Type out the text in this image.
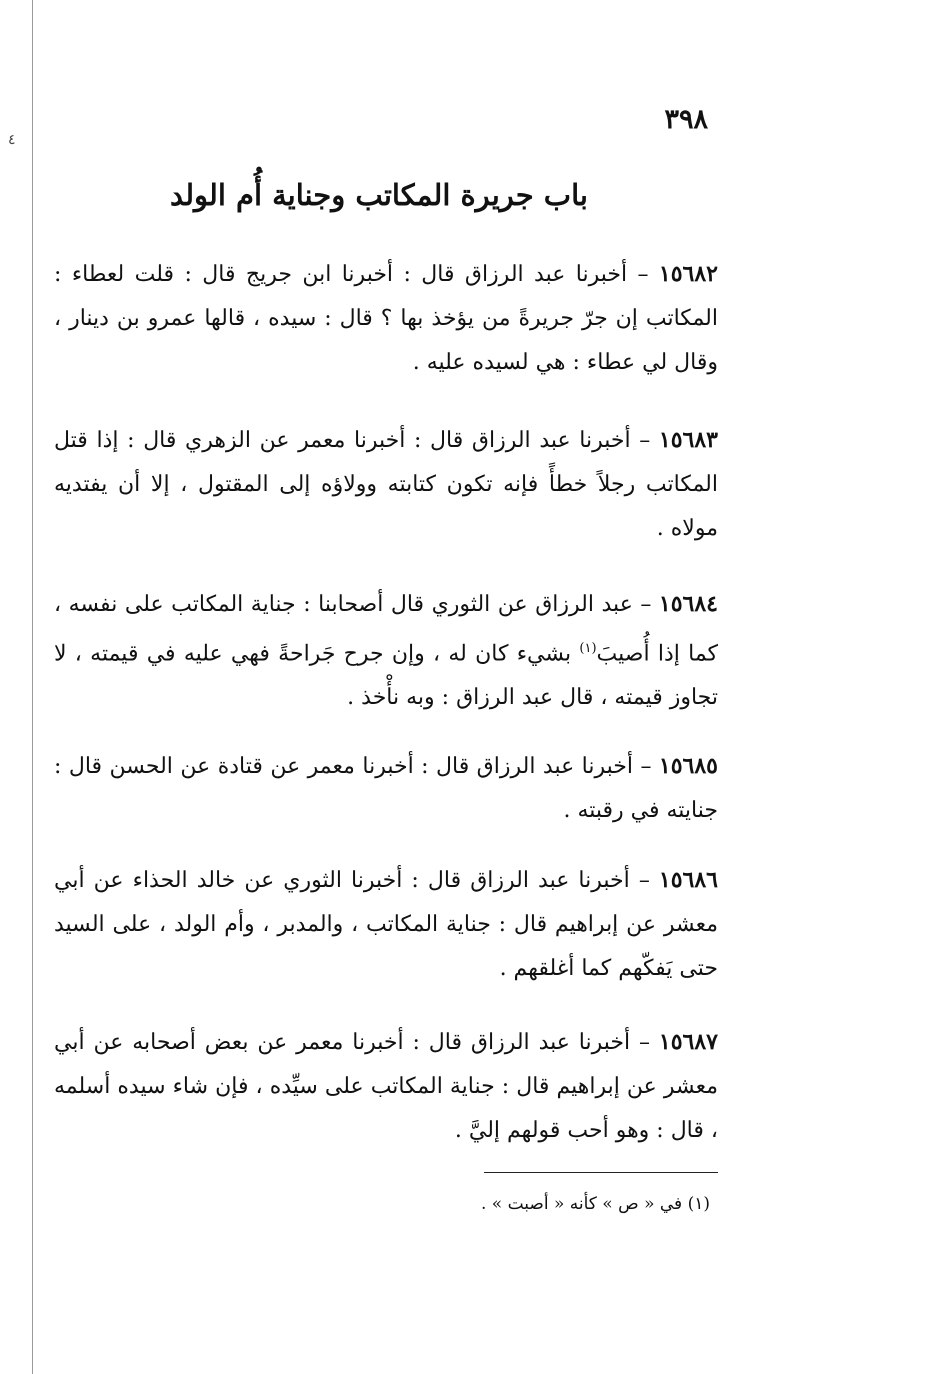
٤
٣٩٨
باب جريرة المكاتب وجناية أُم الولد

١٥٦٨٢ – أخبرنا عبد الرزاق قال : أخبرنا ابن جريج قال : قلت لعطاء : المكاتب إن جرّ جريرةً من يؤخذ بها ؟ قال : سيده ، قالها عمرو بن دينار ، وقال لي عطاء : هي لسيده عليه .

١٥٦٨٣ – أخبرنا عبد الرزاق قال : أخبرنا معمر عن الزهري قال : إذا قتل المكاتب رجلاً خطأً فإنه تكون كتابته وولاؤه إلى المقتول ، إلا أن يفتديه مولاه .

١٥٦٨٤ – عبد الرزاق عن الثوري قال أصحابنا : جناية المكاتب على نفسه ، كما إذا أُصيبَ$^{(١)}$ بشيء كان له ، وإن جرح جَراحةً فهي عليه في قيمته ، لا تجاوز قيمته ، قال عبد الرزاق : وبه نأْخذ .

١٥٦٨٥ – أخبرنا عبد الرزاق قال : أخبرنا معمر عن قتادة عن الحسن قال : جنايته في رقبته .

١٥٦٨٦ – أخبرنا عبد الرزاق قال : أخبرنا الثوري عن خالد الحذاء عن أبي معشر عن إبراهيم قال : جناية المكاتب ، والمدبر ، وأم الولد ، على السيد حتى يَفكّهم كما أغلقهم .

١٥٦٨٧ – أخبرنا عبد الرزاق قال : أخبرنا معمر عن بعض أصحابه عن أبي معشر عن إبراهيم قال : جناية المكاتب على سيِّده ، فإن شاء سيده أسلمه ، قال : وهو أحب قولهم إليَّ .

(١) في « ص » كأنه « أصبت » .
